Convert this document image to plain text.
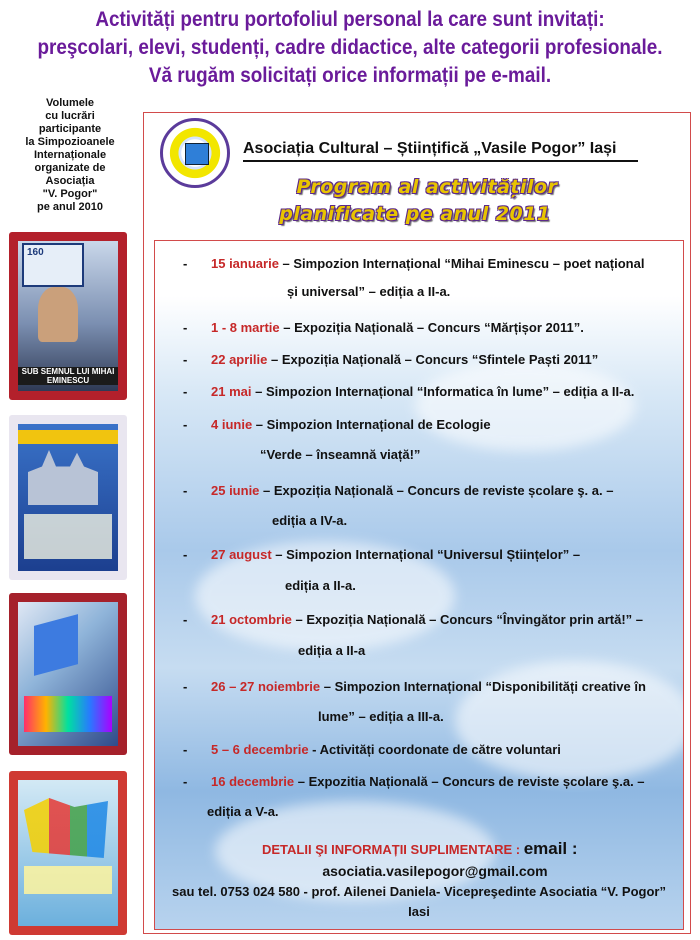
Activități pentru portofoliul personal la care sunt invitați:
preşcolari, elevi, studenți, cadre didactice, alte categorii profesionale.
Vă rugăm solicitați orice informații pe e-mail.
Volumele
cu lucrări
participante
la Simpozioanele
Internaționale
organizate de
Asociația
"V. Pogor"
pe anul 2010
160
SUB SEMNUL LUI MIHAI EMINESCU
Asociația Cultural – Științifică „Vasile Pogor” Iași
Program al activităților
planificate pe anul 2011
- 15 ianuarie – Simpozion Internațional “Mihai Eminescu – poet național
și universal” – ediția a II-a.
- 1 - 8 martie – Expoziția Națională – Concurs “Mărțișor 2011”.
- 22 aprilie – Expoziția Națională – Concurs “Sfintele Paști 2011”
- 21 mai – Simpozion Internațional “Informatica în lume” – ediția a II-a.
- 4 iunie – Simpozion Internațional de Ecologie
“Verde – înseamnă viață!”
- 25 iunie – Expoziția Națională – Concurs de reviste școlare ş. a. –
ediția a IV-a.
- 27 august – Simpozion Internațional “Universul Științelor” –
ediția a II-a.
- 21 octombrie – Expoziția Națională – Concurs “Învingător prin artă!” –
ediția a II-a
- 26 – 27 noiembrie – Simpozion Internațional “Disponibilități creative în
lume” – ediția a III-a.
- 5 – 6 decembrie - Activități coordonate de către voluntari
- 16 decembrie – Expozitia Națională – Concurs de reviste școlare ş.a. –
ediția a V-a.
DETALII ŞI INFORMAȚII SUPLIMENTARE : email :
asociatia.vasilepogor@gmail.com
sau tel. 0753 024 580 - prof. Ailenei Daniela- Vicepreşedinte Asociatia “V. Pogor”
Iasi
